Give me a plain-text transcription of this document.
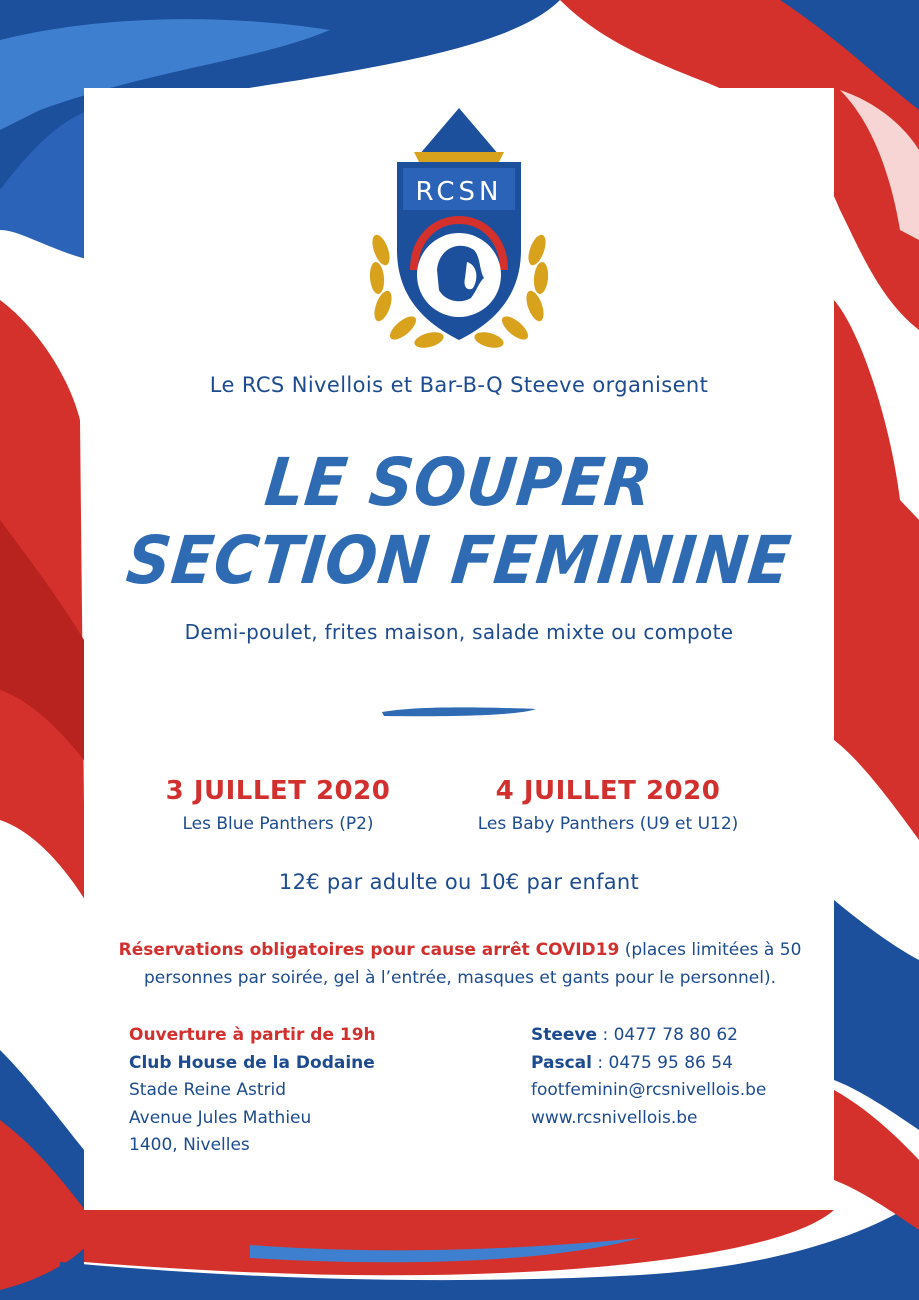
RCSN
Le RCS Nivellois et Bar-B-Q Steeve organisent
LE SOUPER
SECTION FEMININE
Demi-poulet, frites maison, salade mixte ou compote
3 JUILLET 2020
Les Blue Panthers (P2)
4 JUILLET 2020
Les Baby Panthers (U9 et U12)
12€ par adulte ou 10€ par enfant
Réservations obligatoires pour cause arrêt COVID19 (places limitées à 50 personnes par soirée, gel à l’entrée, masques et gants pour le personnel).
Ouverture à partir de 19h
Club House de la Dodaine
Stade Reine Astrid
Avenue Jules Mathieu
1400, Nivelles
Steeve : 0477 78 80 62
Pascal : 0475 95 86 54
footfeminin@rcsnivellois.be
www.rcsnivellois.be
